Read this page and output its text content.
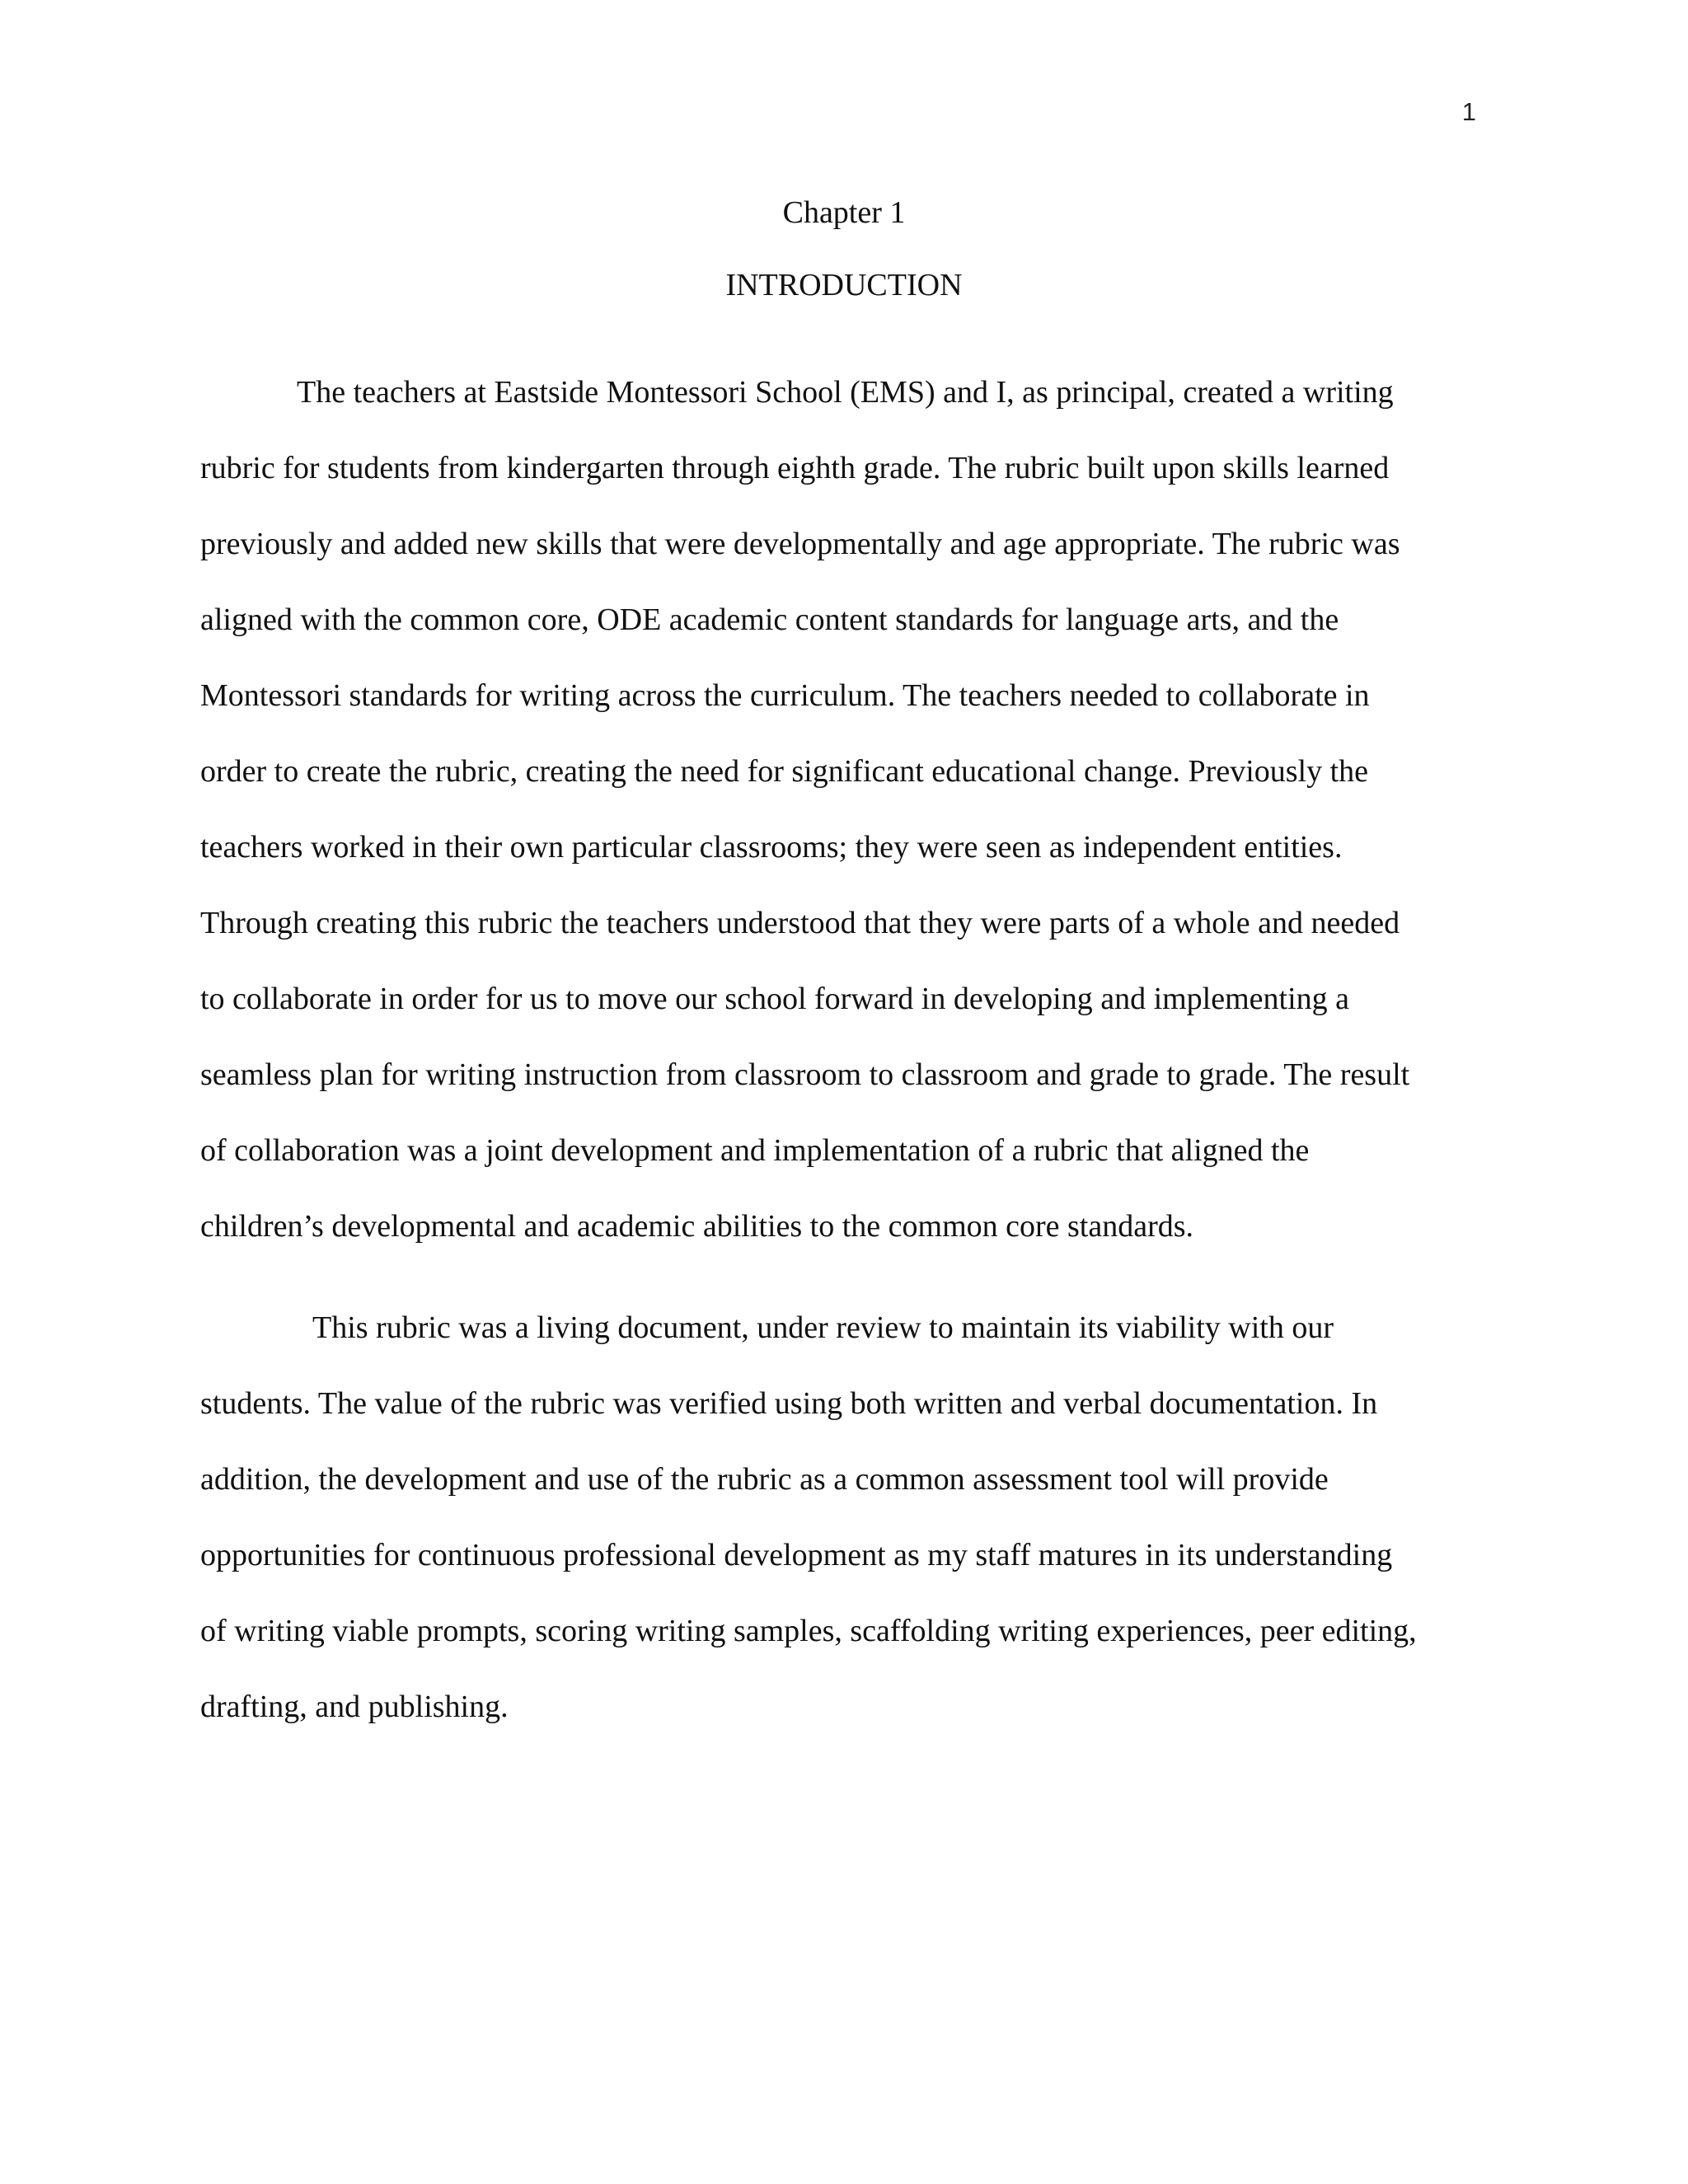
1
Chapter 1
INTRODUCTION
The teachers at Eastside Montessori School (EMS) and I, as principal, created a writing
rubric for students from kindergarten through eighth grade. The rubric built upon skills learned
previously and added new skills that were developmentally and age appropriate. The rubric was
aligned with the common core, ODE academic content standards for language arts, and the
Montessori standards for writing across the curriculum. The teachers needed to collaborate in
order to create the rubric, creating the need for significant educational change. Previously the
teachers worked in their own particular classrooms; they were seen as independent entities.
Through creating this rubric the teachers understood that they were parts of a whole and needed
to collaborate in order for us to move our school forward in developing and implementing a
seamless plan for writing instruction from classroom to classroom and grade to grade. The result
of collaboration was a joint development and implementation of a rubric that aligned the
children’s developmental and academic abilities to the common core standards.
This rubric was a living document, under review to maintain its viability with our
students. The value of the rubric was verified using both written and verbal documentation. In
addition, the development and use of the rubric as a common assessment tool will provide
opportunities for continuous professional development as my staff matures in its understanding
of writing viable prompts, scoring writing samples, scaffolding writing experiences, peer editing,
drafting, and publishing.
